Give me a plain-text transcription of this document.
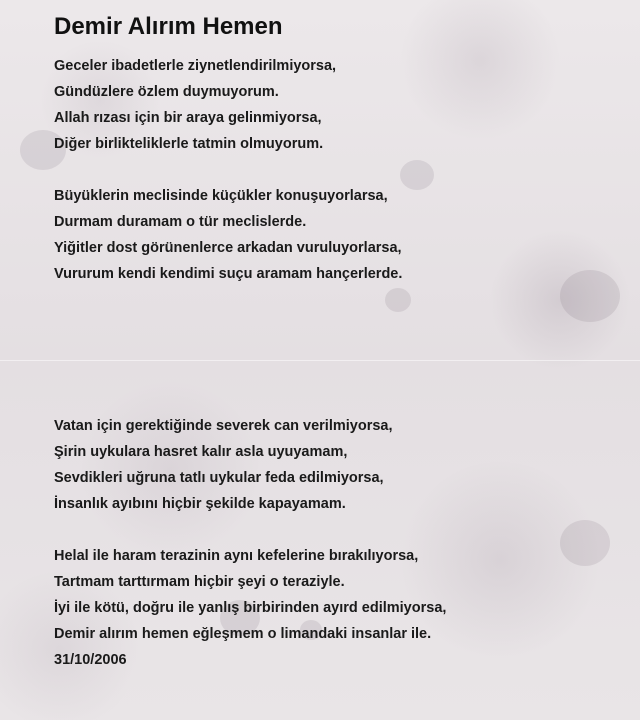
Demir Alırım Hemen
Geceler ibadetlerle ziynetlendirilmiyorsa,
Gündüzlere özlem duymuyorum.
Allah rızası için bir araya gelinmiyorsa,
Diğer birlikteliklerle tatmin olmuyorum.
Büyüklerin meclisinde küçükler konuşuyorlarsa,
Durmam duramam o tür meclislerde.
Yiğitler dost görünenlerce arkadan vuruluyorlarsa,
Vururum kendi kendimi suçu aramam hançerlerde.
Vatan için gerektiğinde severek can verilmiyorsa,
Şirin uykulara hasret kalır asla uyuyamam,
Sevdikleri uğruna tatlı uykular feda edilmiyorsa,
İnsanlık ayıbını hiçbir şekilde kapayamam.
Helal ile haram terazinin aynı kefelerine bırakılıyorsa,
Tartmam tarttırmam hiçbir şeyi o teraziyle.
İyi ile kötü, doğru ile yanlış birbirinden ayırd edilmiyorsa,
Demir alırım hemen eğleşmem o limandaki insanlar ile.
31/10/2006
